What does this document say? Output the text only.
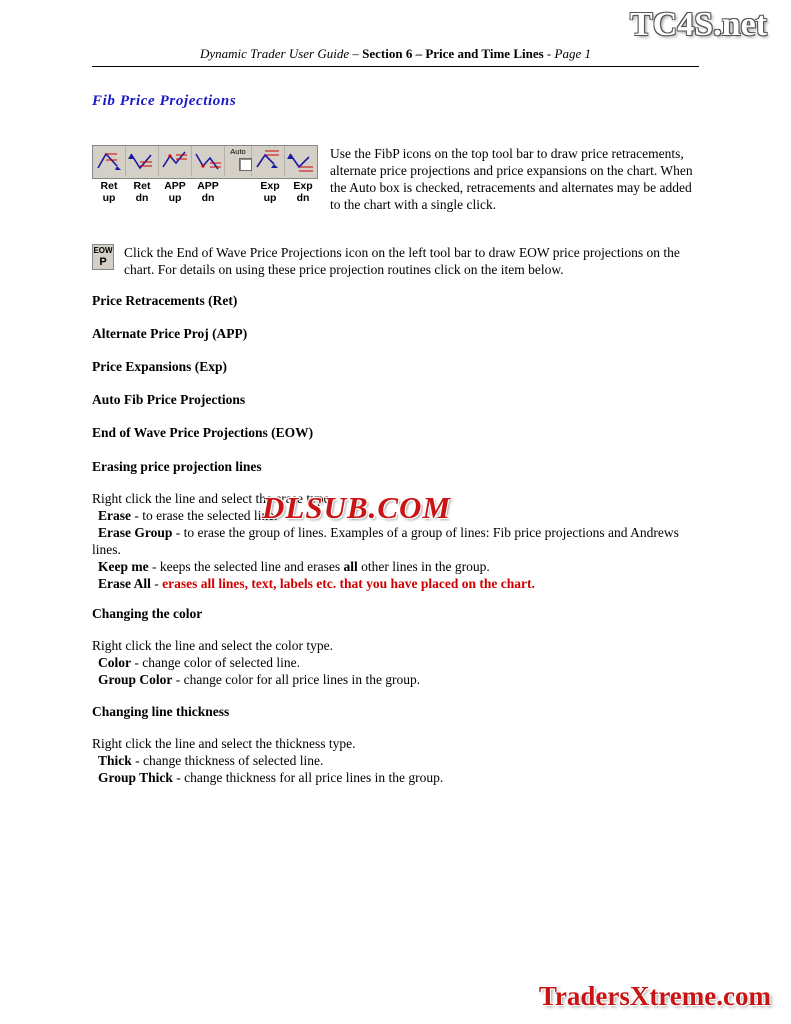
TC4S.net
Dynamic Trader User Guide – Section 6 – Price and Time Lines - Page 1
Fib Price Projections
Auto
Ret
up
Ret
dn
APP
up
APP
dn
Exp
up
Exp
dn
Use the FibP icons on the top tool bar to draw price retracements, alternate price projections and price expansions on the chart. When the Auto box is checked, retracements and alternates may be added to the chart with a single click.
EOW
P
Click the End of Wave Price Projections icon on the left tool bar to draw EOW price projections on the chart. For details on using these price projection routines click on the item below.
Price Retracements (Ret)
Alternate Price Proj (APP)
Price Expansions (Exp)
Auto Fib Price Projections
End of Wave Price Projections (EOW)
Erasing price projection lines
Right click the line and select the erase type.
Erase - to erase the selected line.
Erase Group - to erase the group of lines. Examples of a group of lines: Fib price projections and Andrews lines.
Keep me - keeps the selected line and erases all other lines in the group.
Erase All - erases all lines, text, labels etc. that you have placed on the chart.
Changing the color
Right click the line and select the color type.
Color - change color of selected line.
Group Color - change color for all price lines in the group.
Changing line thickness
Right click the line and select the thickness type.
Thick - change thickness of selected line.
Group Thick - change thickness for all price lines in the group.
DLSUB.COM
TradersXtreme.com
